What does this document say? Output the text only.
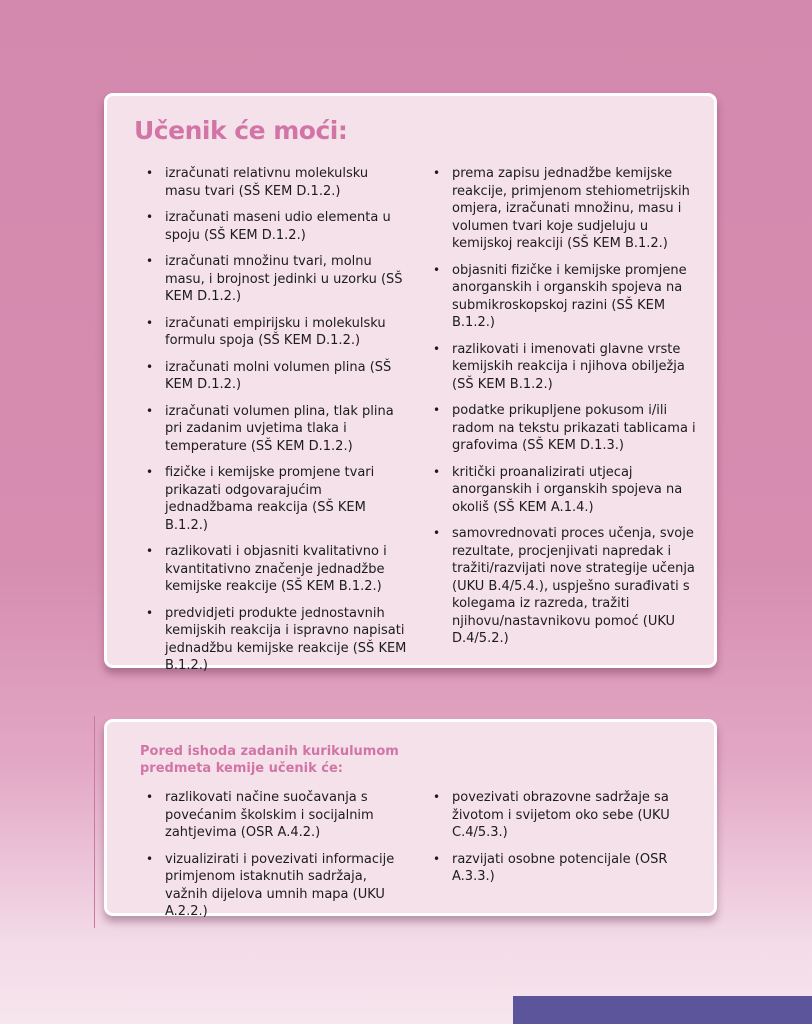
Učenik će moći:
• izračunati relativnu molekulsku masu tvari (SŠ KEM D.1.2.)
• izračunati maseni udio elementa u spoju (SŠ KEM D.1.2.)
• izračunati množinu tvari, molnu masu, i brojnost jedinki u uzorku (SŠ KEM D.1.2.)
• izračunati empirijsku i molekulsku formulu spoja (SŠ KEM D.1.2.)
• izračunati molni volumen plina (SŠ KEM D.1.2.)
• izračunati volumen plina, tlak plina pri zadanim uvjetima tlaka i temperature (SŠ KEM D.1.2.)
• fizičke i kemijske promjene tvari prikazati odgovarajućim jednadžbama reakcija (SŠ KEM B.1.2.)
• razlikovati i objasniti kvalitativno i kvantitativno značenje jednadžbe kemijske reakcije (SŠ KEM B.1.2.)
• predvidjeti produkte jednostavnih kemijskih reakcija i ispravno napisati jednadžbu kemijske reakcije (SŠ KEM B.1.2.)
• prema zapisu jednadžbe kemijske reakcije, primjenom stehiometrijskih omjera, izračunati množinu, masu i volumen tvari koje sudjeluju u kemijskoj reakciji (SŠ KEM B.1.2.)
• objasniti fizičke i kemijske promjene anorganskih i organskih spojeva na submikroskopskoj razini (SŠ KEM B.1.2.)
• razlikovati i imenovati glavne vrste kemijskih reakcija i njihova obilježja (SŠ KEM B.1.2.)
• podatke prikupljene pokusom i/ili radom na tekstu prikazati tablicama i grafovima (SŠ KEM D.1.3.)
• kritički proanalizirati utjecaj anorganskih i organskih spojeva na okoliš (SŠ KEM A.1.4.)
• samovrednovati proces učenja, svoje rezultate, procjenjivati napredak i tražiti/razvijati nove strategije učenja (UKU B.4/5.4.), uspješno surađivati s kolegama iz razreda, tražiti njihovu/nastavnikovu pomoć (UKU D.4/5.2.)
Pored ishoda zadanih kurikulumom predmeta kemije učenik će:
• razlikovati načine suočavanja s povećanim školskim i socijalnim zahtjevima (OSR A.4.2.)
• vizualizirati i povezivati informacije primjenom istaknutih sadržaja, važnih dijelova umnih mapa (UKU A.2.2.)
• povezivati obrazovne sadržaje sa životom i svijetom oko sebe (UKU C.4/5.3.)
• razvijati osobne potencijale (OSR A.3.3.)
